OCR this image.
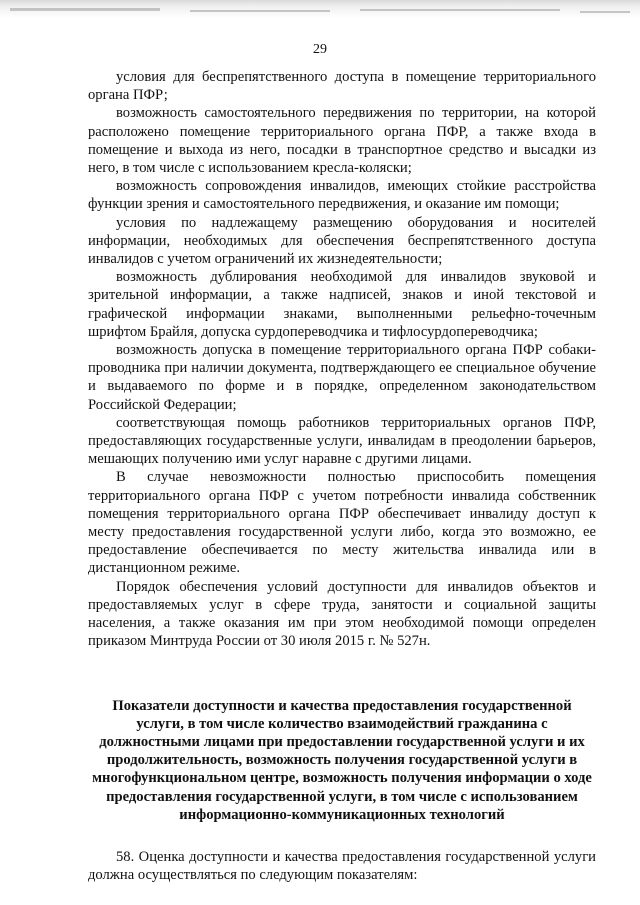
29

условия для беспрепятственного доступа в помещение территориального органа ПФР;

возможность самостоятельного передвижения по территории, на которой расположено помещение территориального органа ПФР, а также входа в помещение и выхода из него, посадки в транспортное средство и высадки из него, в том числе с использованием кресла-коляски;

возможность сопровождения инвалидов, имеющих стойкие расстройства функции зрения и самостоятельного передвижения, и оказание им помощи;

условия по надлежащему размещению оборудования и носителей информации, необходимых для обеспечения беспрепятственного доступа инвалидов с учетом ограничений их жизнедеятельности;

возможность дублирования необходимой для инвалидов звуковой и зрительной информации, а также надписей, знаков и иной текстовой и графической информации знаками, выполненными рельефно-точечным шрифтом Брайля, допуска сурдопереводчика и тифлосурдопереводчика;

возможность допуска в помещение территориального органа ПФР собаки-проводника при наличии документа, подтверждающего ее специальное обучение и выдаваемого по форме и в порядке, определенном законодательством Российской Федерации;

соответствующая помощь работников территориальных органов ПФР, предоставляющих государственные услуги, инвалидам в преодолении барьеров, мешающих получению ими услуг наравне с другими лицами.

В случае невозможности полностью приспособить помещения территориального органа ПФР с учетом потребности инвалида собственник помещения территориального органа ПФР обеспечивает инвалиду доступ к месту предоставления государственной услуги либо, когда это возможно, ее предоставление обеспечивается по месту жительства инвалида или в дистанционном режиме.

Порядок обеспечения условий доступности для инвалидов объектов и предоставляемых услуг в сфере труда, занятости и социальной защиты населения, а также оказания им при этом необходимой помощи определен приказом Минтруда России от 30 июля 2015 г. № 527н.

Показатели доступности и качества предоставления государственной услуги, в том числе количество взаимодействий гражданина с должностными лицами при предоставлении государственной услуги и их продолжительность, возможность получения государственной услуги в многофункциональном центре, возможность получения информации о ходе предоставления государственной услуги, в том числе с использованием информационно-коммуникационных технологий

58. Оценка доступности и качества предоставления государственной услуги должна осуществляться по следующим показателям:
